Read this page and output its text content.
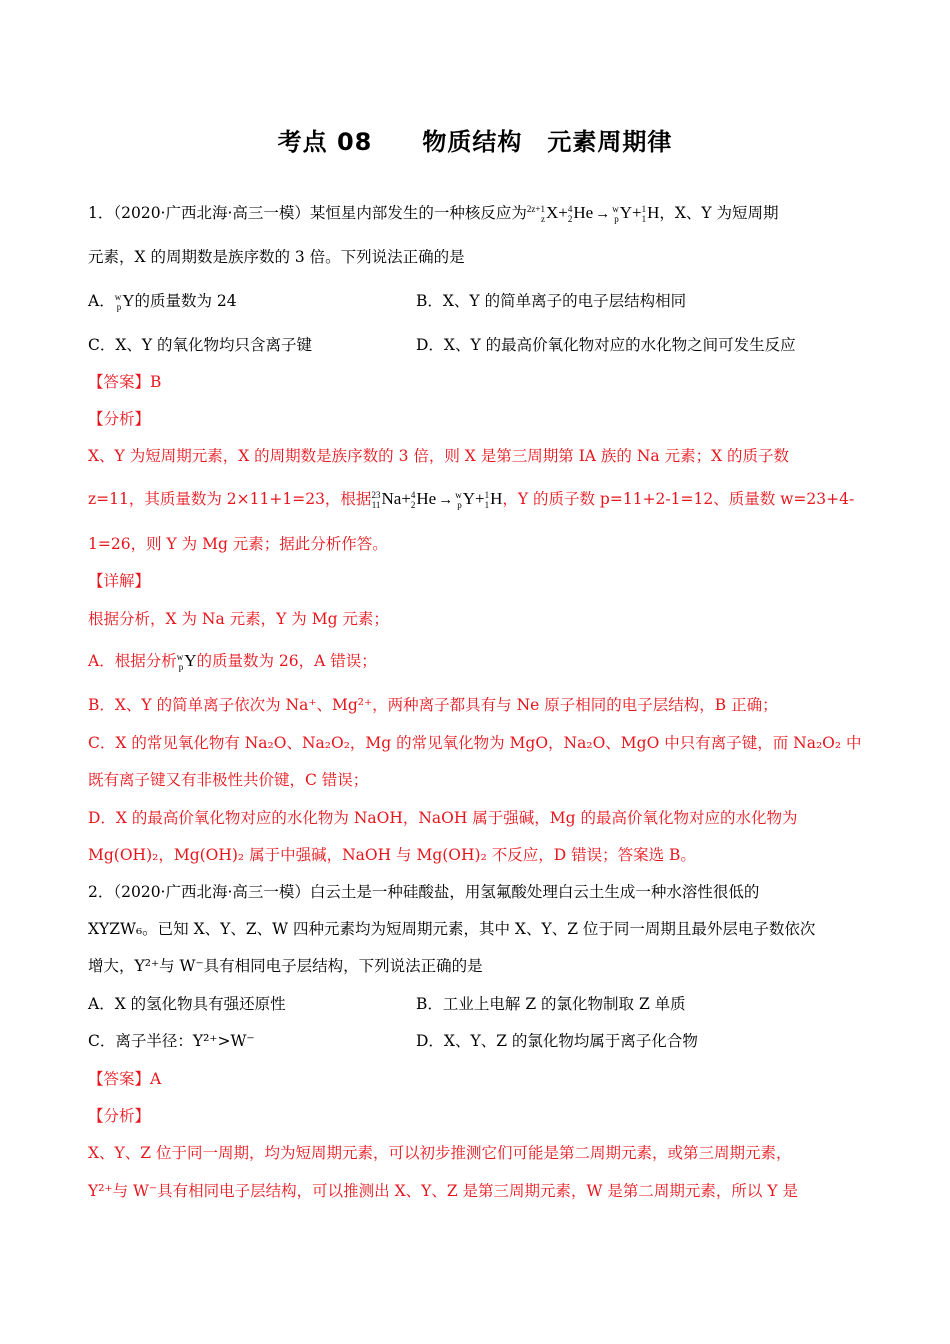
考点 08　　物质结构　元素周期律
1．（2020·广西北海·高三一模）某恒星内部发生的一种核反应为 2z+1
z X+ 4
2 He → w
p Y+ 1
1 H，X、Y 为短周期
元素，X 的周期数是族序数的 3 倍。下列说法正确的是
A． w
p Y的质量数为 24	B．X、Y 的简单离子的电子层结构相同
C．X、Y 的氧化物均只含离子键	D．X、Y 的最高价氧化物对应的水化物之间可发生反应
【答案】B
【分析】
X、Y 为短周期元素，X 的周期数是族序数的 3 倍，则 X 是第三周期第 IA 族的 Na 元素；X 的质子数
z=11，其质量数为 2×11+1=23，根据 23
11 Na+ 4
2 He → w
p Y+ 1
1 H，Y 的质子数 p=11+2-1=12、质量数 w=23+4-
1=26，则 Y 为 Mg 元素；据此分析作答。
【详解】
根据分析，X 为 Na 元素，Y 为 Mg 元素；
A．根据分析 w
p Y的质量数为 26，A 错误；
B．X、Y 的简单离子依次为 Na⁺、Mg²⁺，两种离子都具有与 Ne 原子相同的电子层结构，B 正确；
C．X 的常见氧化物有 Na₂O、Na₂O₂，Mg 的常见氧化物为 MgO，Na₂O、MgO 中只有离子键，而 Na₂O₂ 中
既有离子键又有非极性共价键，C 错误；
D．X 的最高价氧化物对应的水化物为 NaOH，NaOH 属于强碱，Mg 的最高价氧化物对应的水化物为
Mg(OH)₂，Mg(OH)₂ 属于中强碱，NaOH 与 Mg(OH)₂ 不反应，D 错误；答案选 B。
2．（2020·广西北海·高三一模）白云土是一种硅酸盐，用氢氟酸处理白云土生成一种水溶性很低的
XYZW₆。已知 X、Y、Z、W 四种元素均为短周期元素，其中 X、Y、Z 位于同一周期且最外层电子数依次
增大，Y²⁺与 W⁻具有相同电子层结构，下列说法正确的是
A．X 的氢化物具有强还原性	B．工业上电解 Z 的氯化物制取 Z 单质
C．离子半径：Y²⁺>W⁻	D．X、Y、Z 的氯化物均属于离子化合物
【答案】A
【分析】
X、Y、Z 位于同一周期，均为短周期元素，可以初步推测它们可能是第二周期元素，或第三周期元素，
Y²⁺与 W⁻具有相同电子层结构，可以推测出 X、Y、Z 是第三周期元素，W 是第二周期元素，所以 Y 是
